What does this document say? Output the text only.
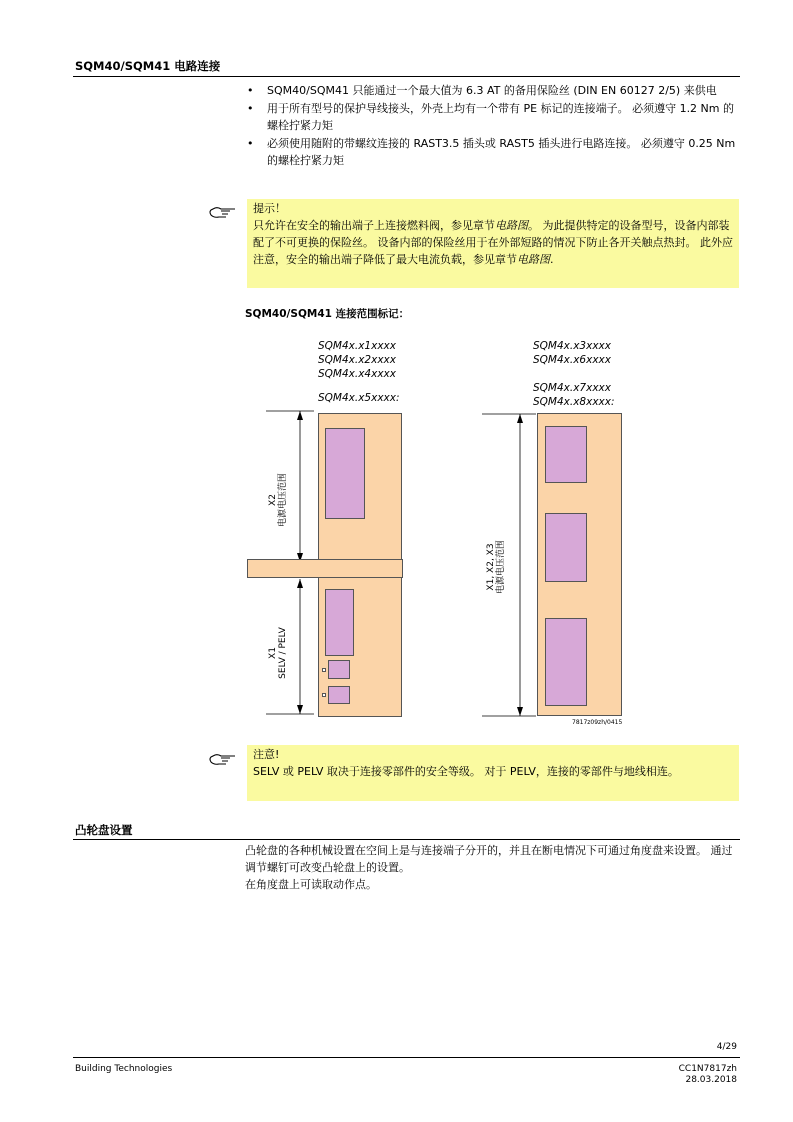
SQM40/SQM41 电路连接
• SQM40/SQM41 只能通过一个最大值为 6.3 AT 的备用保险丝 (DIN EN 60127 2/5) 来供电
• 用于所有型号的保护导线接头，外壳上均有一个带有 PE 标记的连接端子。 必须遵守 1.2 Nm 的螺栓拧紧力矩
• 必须使用随附的带螺纹连接的 RAST3.5 插头或 RAST5 插头进行电路连接。 必须遵守 0.25 Nm 的螺栓拧紧力矩
提示！
只允许在安全的输出端子上连接燃料阀，参见章节电路图。 为此提供特定的设备型号，设备内部装配了不可更换的保险丝。 设备内部的保险丝用于在外部短路的情况下防止各开关触点热封。 此外应注意，安全的输出端子降低了最大电流负载，参见章节电路图.
SQM40/SQM41 连接范围标记：
SQM4x.x1xxxx
SQM4x.x2xxxx
SQM4x.x4xxxx
SQM4x.x5xxxx:
SQM4x.x3xxxx
SQM4x.x6xxxx
SQM4x.x7xxxx
SQM4x.x8xxxx:
X2 电源电压范围
X1 SELV / PELV
X1, X2, X3 电源电压范围
7817z09zh/0415
注意!
SELV 或 PELV 取决于连接零部件的安全等级。 对于 PELV，连接的零部件与地线相连。
凸轮盘设置
凸轮盘的各种机械设置在空间上是与连接端子分开的，并且在断电情况下可通过角度盘来设置。 通过调节螺钉可改变凸轮盘上的设置。
在角度盘上可读取动作点。
4/29
Building Technologies	CC1N7817zh
28.03.2018
